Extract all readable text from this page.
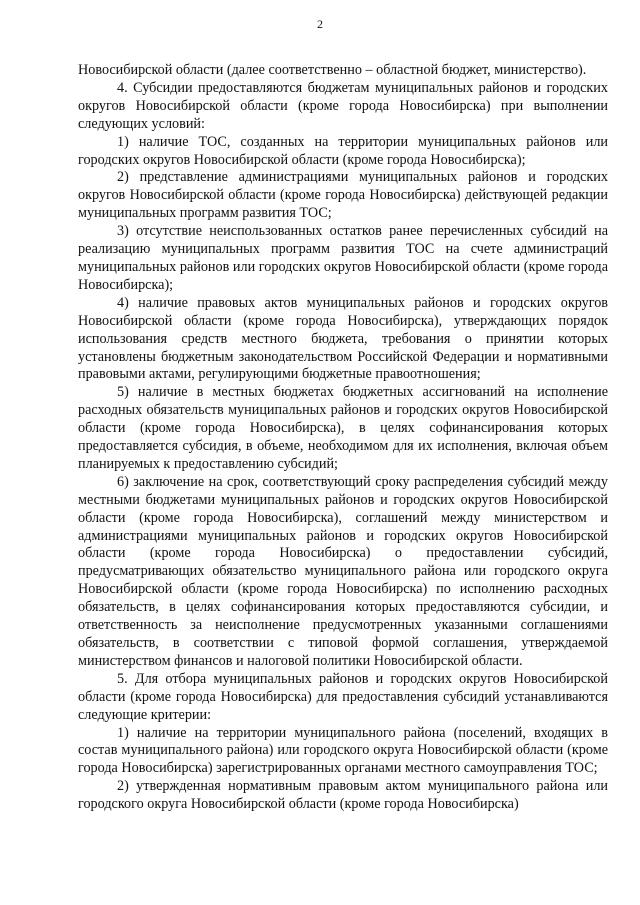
2

Новосибирской области (далее соответственно – областной бюджет, министерство).

4. Субсидии предоставляются бюджетам муниципальных районов и городских округов Новосибирской области (кроме города Новосибирска) при выполнении следующих условий:

1) наличие ТОС, созданных на территории муниципальных районов или городских округов Новосибирской области (кроме города Новосибирска);

2) представление администрациями муниципальных районов и городских округов Новосибирской области (кроме города Новосибирска) действующей редакции муниципальных программ развития ТОС;

3) отсутствие неиспользованных остатков ранее перечисленных субсидий на реализацию муниципальных программ развития ТОС на счете администраций муниципальных районов или городских округов Новосибирской области (кроме города Новосибирска);

4) наличие правовых актов муниципальных районов и городских округов Новосибирской области (кроме города Новосибирска), утверждающих порядок использования средств местного бюджета, требования о принятии которых установлены бюджетным законодательством Российской Федерации и нормативными правовыми актами, регулирующими бюджетные правоотношения;

5) наличие в местных бюджетах бюджетных ассигнований на исполнение расходных обязательств муниципальных районов и городских округов Новосибирской области (кроме города Новосибирска), в целях софинансирования которых предоставляется субсидия, в объеме, необходимом для их исполнения, включая объем планируемых к предоставлению субсидий;

6) заключение на срок, соответствующий сроку распределения субсидий между местными бюджетами муниципальных районов и городских округов Новосибирской области (кроме города Новосибирска), соглашений между министерством и администрациями муниципальных районов и городских округов Новосибирской области (кроме города Новосибирска) о предоставлении субсидий, предусматривающих обязательство муниципального района или городского округа Новосибирской области (кроме города Новосибирска) по исполнению расходных обязательств, в целях софинансирования которых предоставляются субсидии, и ответственность за неисполнение предусмотренных указанными соглашениями обязательств, в соответствии с типовой формой соглашения, утверждаемой министерством финансов и налоговой политики Новосибирской области.

5. Для отбора муниципальных районов и городских округов Новосибирской области (кроме города Новосибирска) для предоставления субсидий устанавливаются следующие критерии:

1) наличие на территории муниципального района (поселений, входящих в состав муниципального района) или городского округа Новосибирской области (кроме города Новосибирска) зарегистрированных органами местного самоуправления ТОС;

2) утвержденная нормативным правовым актом муниципального района или городского округа Новосибирской области (кроме города Новосибирска)
